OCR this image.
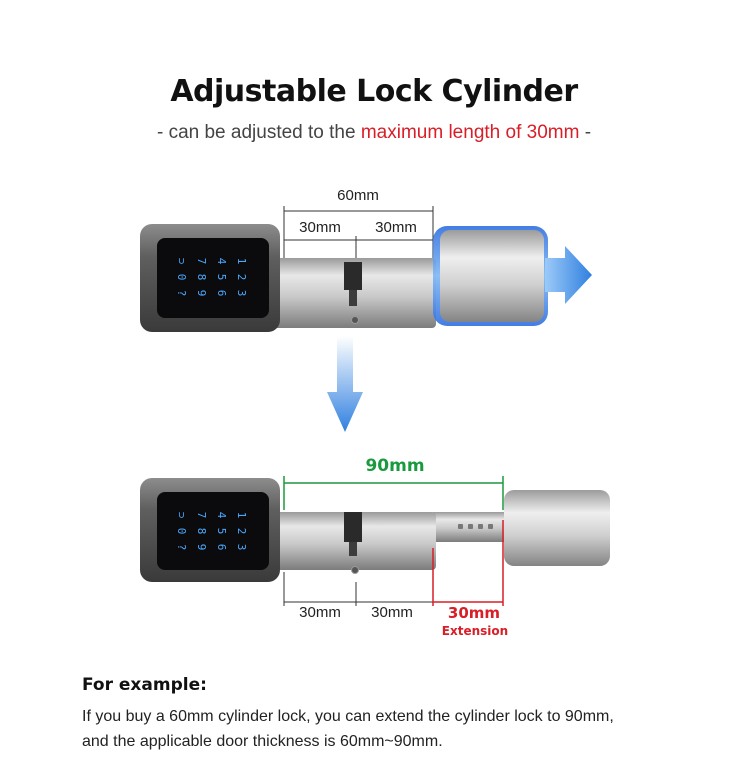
Adjustable Lock Cylinder
- can be adjusted to the maximum length of 30mm -
⊃ 7 4 1
0 8 5 2
? 9 6 3
⊃ 7 4 1
0 8 5 2
? 9 6 3
60mm
30mm	30mm
90mm
30mm	30mm	30mm
Extension
For example:
If you buy a 60mm cylinder lock, you can extend the cylinder lock to 90mm,
and the applicable door thickness is 60mm~90mm.
